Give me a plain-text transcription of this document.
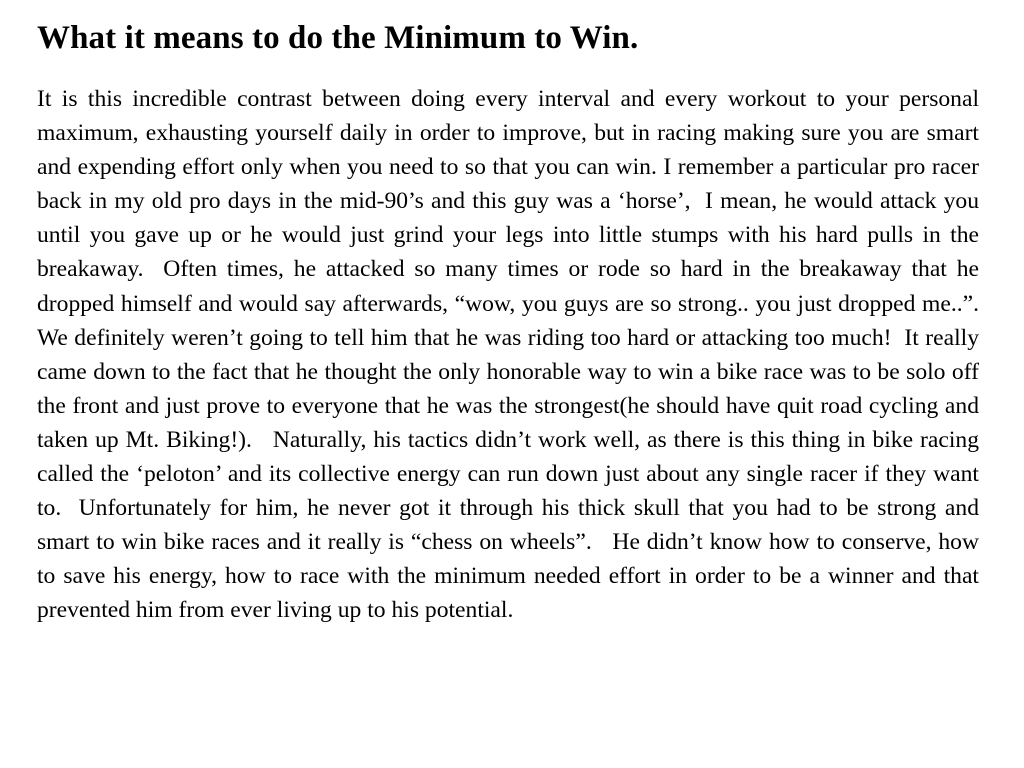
What it means to do the Minimum to Win.

It is this incredible contrast between doing every interval and every workout to your personal maximum, exhausting yourself daily in order to improve, but in racing making sure you are smart and expending effort only when you need to so that you can win. I remember a particular pro racer back in my old pro days in the mid-90’s and this guy was a ‘horse’,  I mean, he would attack you until you gave up or he would just grind your legs into little stumps with his hard pulls in the breakaway.  Often times, he attacked so many times or rode so hard in the breakaway that he dropped himself and would say afterwards, “wow, you guys are so strong.. you just dropped me..”.  We definitely weren’t going to tell him that he was riding too hard or attacking too much!  It really came down to the fact that he thought the only honorable way to win a bike race was to be solo off the front and just prove to everyone that he was the strongest(he should have quit road cycling and taken up Mt. Biking!).   Naturally, his tactics didn’t work well, as there is this thing in bike racing called the ‘peloton’ and its collective energy can run down just about any single racer if they want to.  Unfortunately for him, he never got it through his thick skull that you had to be strong and smart to win bike races and it really is “chess on wheels”.   He didn’t know how to conserve, how to save his energy, how to race with the minimum needed effort in order to be a winner and that prevented him from ever living up to his potential.
